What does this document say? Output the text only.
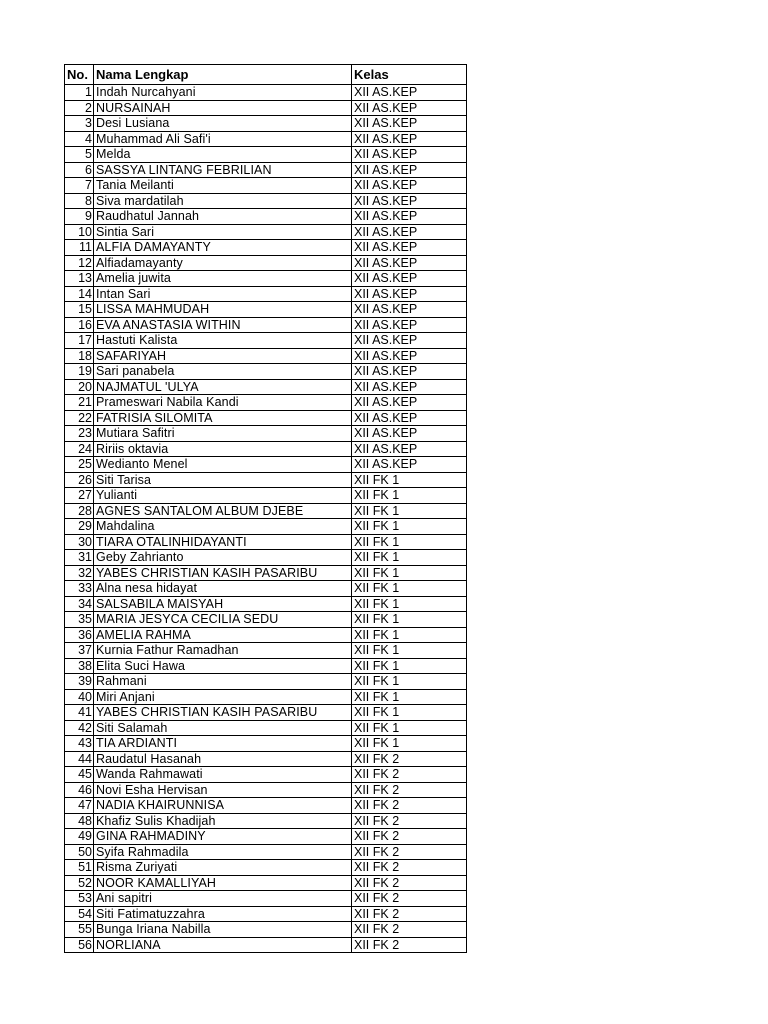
No.	Nama Lengkap	Kelas
1	Indah Nurcahyani	XII AS.KEP
2	NURSAINAH	XII AS.KEP
3	Desi Lusiana	XII AS.KEP
4	Muhammad Ali Safi'i	XII AS.KEP
5	Melda	XII AS.KEP
6	SASSYA LINTANG FEBRILIAN	XII AS.KEP
7	Tania Meilanti	XII AS.KEP
8	Siva mardatilah	XII AS.KEP
9	Raudhatul Jannah	XII AS.KEP
10	Sintia Sari	XII AS.KEP
11	ALFIA DAMAYANTY	XII AS.KEP
12	Alfiadamayanty	XII AS.KEP
13	Amelia juwita	XII AS.KEP
14	Intan Sari	XII AS.KEP
15	LISSA MAHMUDAH	XII AS.KEP
16	EVA ANASTASIA WITHIN	XII AS.KEP
17	Hastuti Kalista	XII AS.KEP
18	SAFARIYAH	XII AS.KEP
19	Sari panabela	XII AS.KEP
20	NAJMATUL 'ULYA	XII AS.KEP
21	Prameswari Nabila Kandi	XII AS.KEP
22	FATRISIA SILOMITA	XII AS.KEP
23	Mutiara Safitri	XII AS.KEP
24	Ririis oktavia	XII AS.KEP
25	Wedianto Menel	XII AS.KEP
26	Siti Tarisa	XII FK 1
27	Yulianti	XII FK 1
28	AGNES SANTALOM ALBUM DJEBE	XII FK 1
29	Mahdalina	XII FK 1
30	TIARA OTALINHIDAYANTI	XII FK 1
31	Geby Zahrianto	XII FK 1
32	YABES CHRISTIAN KASIH PASARIBU	XII FK 1
33	Alna nesa hidayat	XII FK 1
34	SALSABILA MAISYAH	XII FK 1
35	MARIA JESYCA CECILIA SEDU	XII FK 1
36	AMELIA RAHMA	XII FK 1
37	Kurnia Fathur Ramadhan	XII FK 1
38	Elita Suci Hawa	XII FK 1
39	Rahmani	XII FK 1
40	Miri Anjani	XII FK 1
41	YABES CHRISTIAN KASIH PASARIBU	XII FK 1
42	Siti Salamah	XII FK 1
43	TIA ARDIANTI	XII FK 1
44	Raudatul Hasanah	XII FK 2
45	Wanda Rahmawati	XII FK 2
46	Novi Esha Hervisan	XII FK 2
47	NADIA KHAIRUNNISA	XII FK 2
48	Khafiz Sulis Khadijah	XII FK 2
49	GINA RAHMADINY	XII FK 2
50	Syifa Rahmadila	XII FK 2
51	Risma Zuriyati	XII FK 2
52	NOOR KAMALLIYAH	XII FK 2
53	Ani sapitri	XII FK 2
54	Siti Fatimatuzzahra	XII FK 2
55	Bunga Iriana Nabilla	XII FK 2
56	NORLIANA	XII FK 2
